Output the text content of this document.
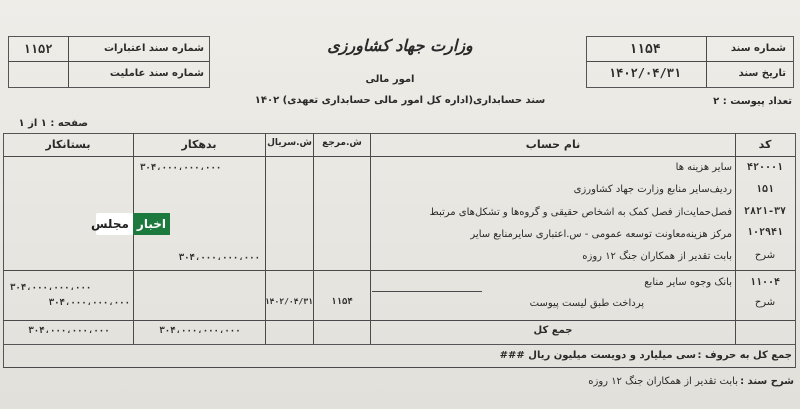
شماره سند
۱۱۵۴
تاریخ سند
۱۴۰۲/۰۴/۳۱
شماره سند اعتبارات
۱۱۵۲
شماره سند عاملیت
وزارت جهاد کشاورزی
امور مالی
سند حسابداری(اداره کل امور مالی حسابداری تعهدی) ۱۴۰۲	تعداد پیوست : ۲
صفحه : ۱ از ۱
کد
نام حساب
ش.مرجع
ش.سریال
بدهکار
بستانکار
۴۲۰۰۰۱
سایر هزینه ها
۱۵۱
ردیف‌سایر منابع وزارت جهاد کشاورزی
۲۸۲۱-۳۷
فصل‌حمایت‌از فصل کمک به اشخاص حقیقی و گروه‌ها و تشکل‌های مرتبط
۱۰۲۹۴۱
مرکز هزینه‌معاونت توسعه عمومی - س.اعتباری سایرمنابع سایر
شرح
بابت تقدیر از همکاران جنگ ۱۲ روزه
۳۰۴،۰۰۰،۰۰۰،۰۰۰
۳۰۴،۰۰۰،۰۰۰،۰۰۰
۱۱۰۰۴
بانک وجوه سایر منابع
شرح
پرداخت طبق لیست پیوست
۱۱۵۴
۱۴۰۲/۰۴/۳۱
۳۰۴،۰۰۰،۰۰۰،۰۰۰
۳۰۴،۰۰۰،۰۰۰،۰۰۰
جمع کل
۳۰۴،۰۰۰،۰۰۰،۰۰۰
۳۰۴،۰۰۰،۰۰۰،۰۰۰
جمع کل به حروف :
سی میلیارد و دویست میلیون ریال ###
شرح سند :
بابت تقدیر از همکاران جنگ ۱۲ روزه
اخبار
مجلس
